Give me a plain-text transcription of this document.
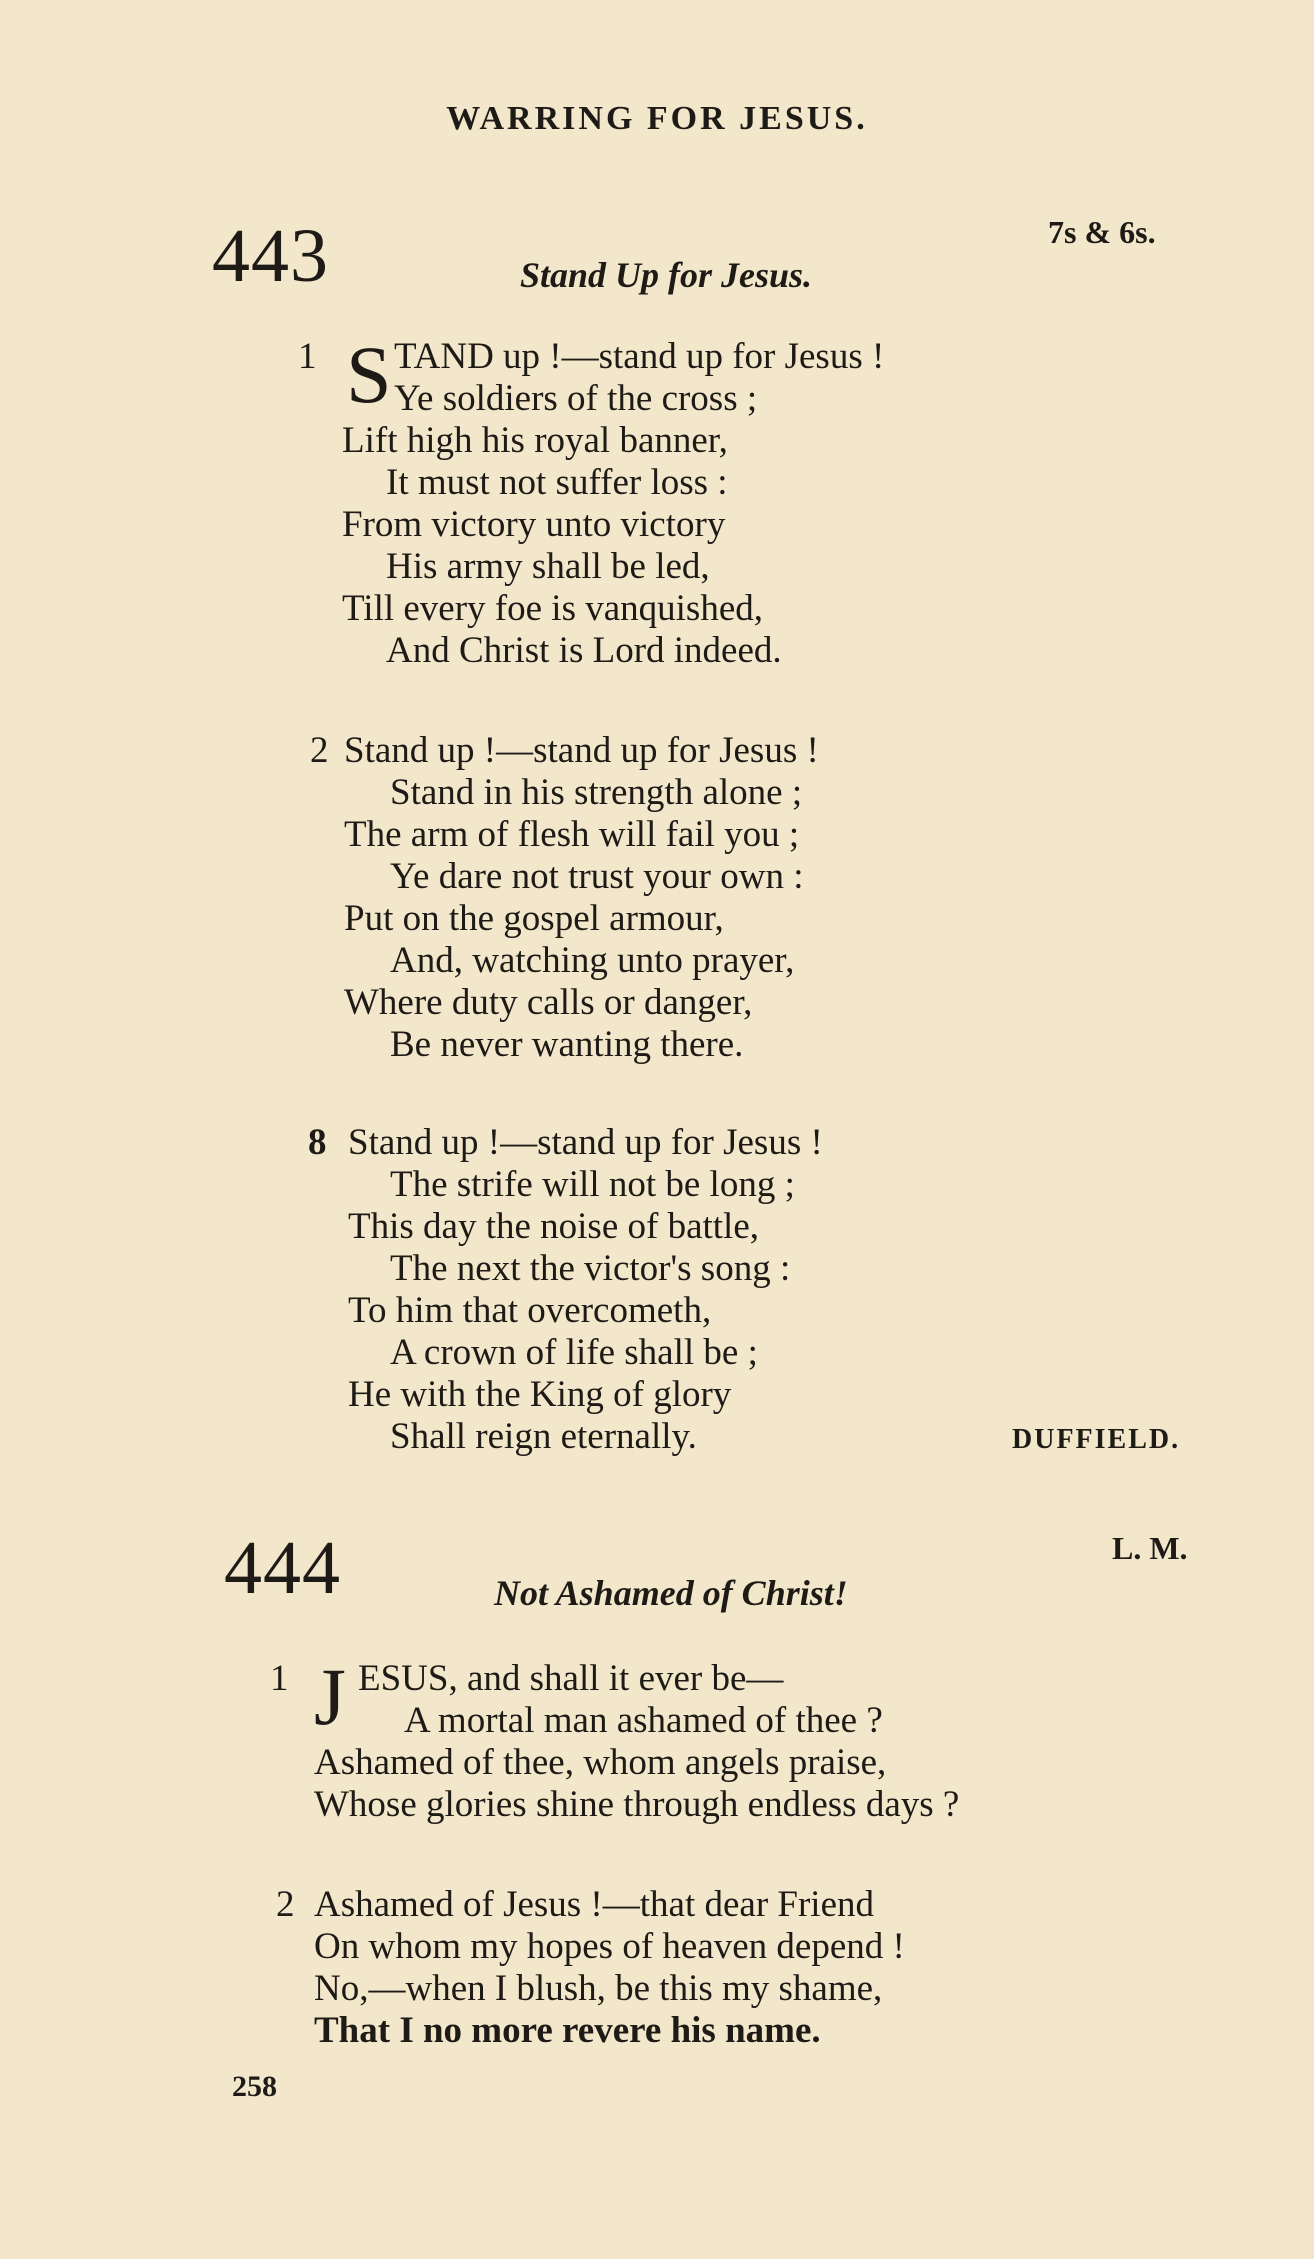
WARRING FOR JESUS.
443	7s & 6s.
Stand Up for Jesus.
1 S TAND up !—stand up for Jesus !
Ye soldiers of the cross ;
Lift high his royal banner,
It must not suffer loss :
From victory unto victory
His army shall be led,
Till every foe is vanquished,
And Christ is Lord indeed.
2 Stand up !—stand up for Jesus !
Stand in his strength alone ;
The arm of flesh will fail you ;
Ye dare not trust your own :
Put on the gospel armour,
And, watching unto prayer,
Where duty calls or danger,
Be never wanting there.
8 Stand up !—stand up for Jesus !
The strife will not be long ;
This day the noise of battle,
The next the victor's song :
To him that overcometh,
A crown of life shall be ;
He with the King of glory
Shall reign eternally.	DUFFIELD.
444	L. M.
Not Ashamed of Christ!
1 J ESUS, and shall it ever be—
A mortal man ashamed of thee ?
Ashamed of thee, whom angels praise,
Whose glories shine through endless days ?
2 Ashamed of Jesus !—that dear Friend
On whom my hopes of heaven depend !
No,—when I blush, be this my shame,
That I no more revere his name.
258
